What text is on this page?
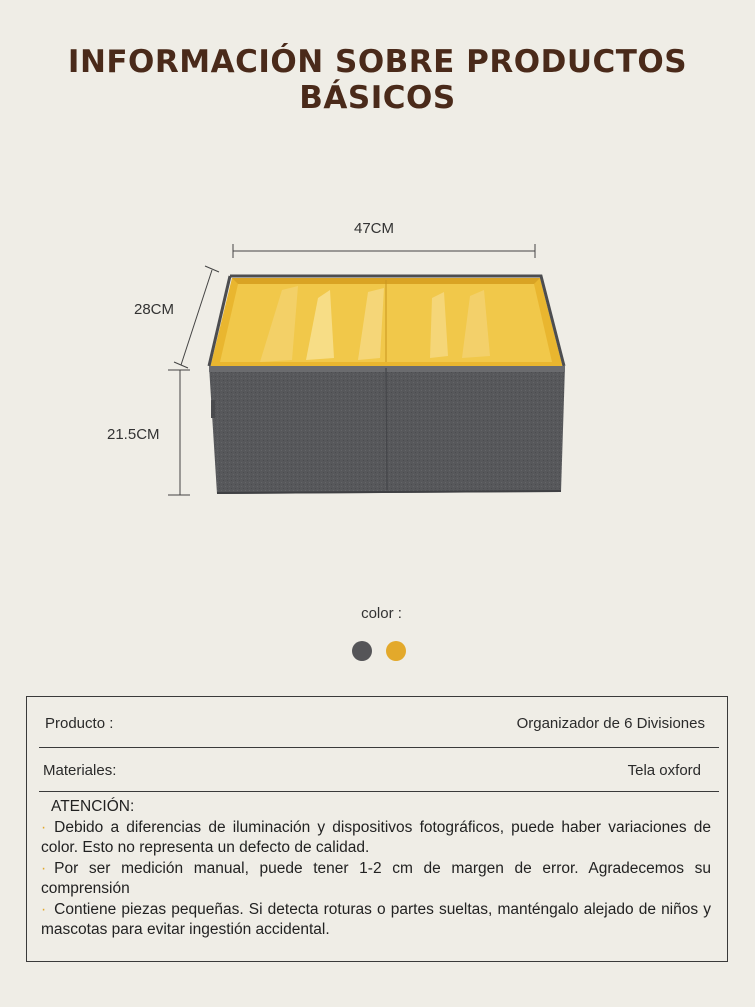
INFORMACIÓN SOBRE PRODUCTOS BÁSICOS
47CM
28CM
21.5CM
color :
Producto :	Organizador de 6 Divisiones
Materiales:	Tela oxford
ATENCIÓN:
· Debido a diferencias de iluminación y dispositivos fotográficos, puede haber variaciones de color. Esto no representa un defecto de calidad.
· Por ser medición manual, puede tener 1-2 cm de margen de error. Agradecemos su comprensión
· Contiene piezas pequeñas. Si detecta roturas o partes sueltas, manténgalo alejado de niños y mascotas para evitar ingestión accidental.
